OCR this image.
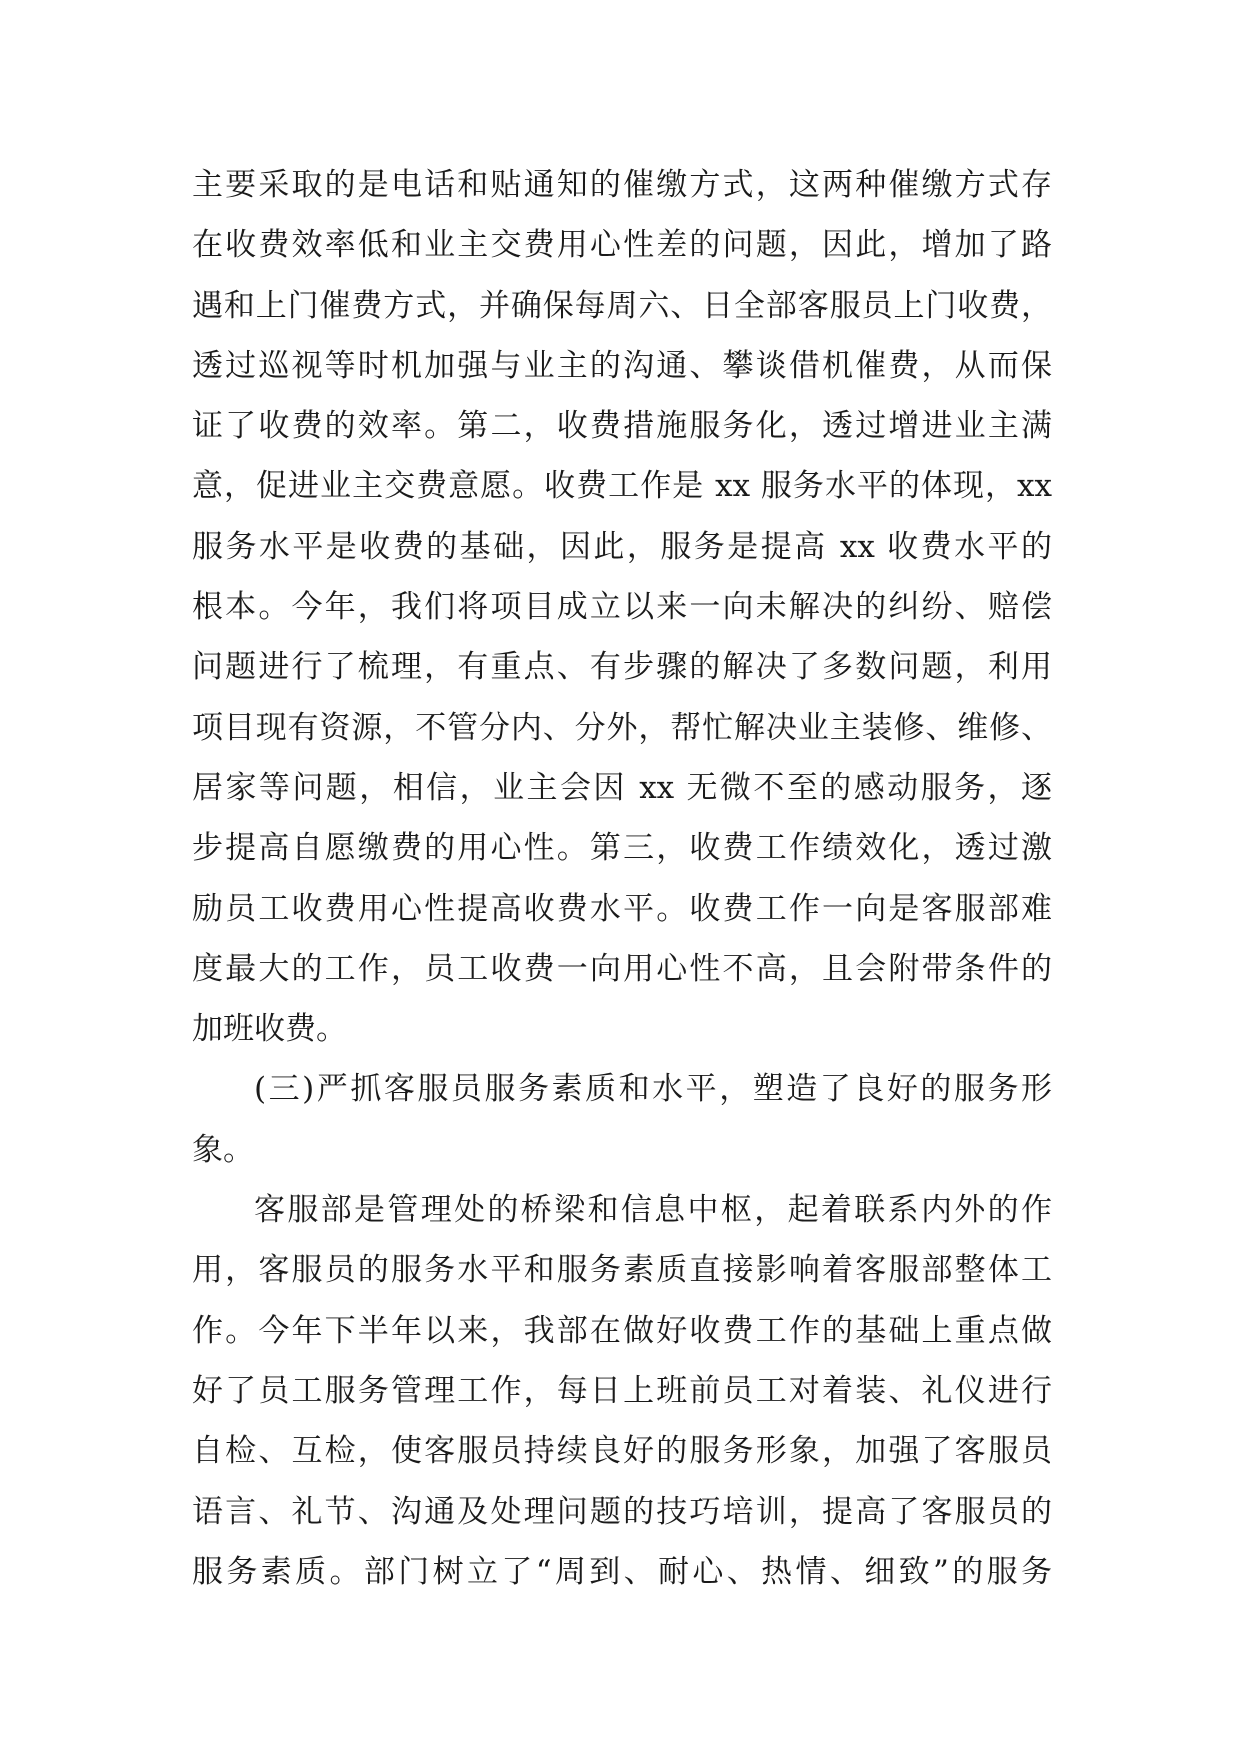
主要采取的是电话和贴通知的催缴方式，这两种催缴方式存
在收费效率低和业主交费用心性差的问题，因此，增加了路
遇和上门催费方式，并确保每周六、日全部客服员上门收费，
透过巡视等时机加强与业主的沟通、攀谈借机催费，从而保
证了收费的效率。第二，收费措施服务化，透过增进业主满
意，促进业主交费意愿。收费工作是 xx 服务水平的体现，xx
服务水平是收费的基础，因此，服务是提高 xx 收费水平的
根本。今年，我们将项目成立以来一向未解决的纠纷、赔偿
问题进行了梳理，有重点、有步骤的解决了多数问题，利用
项目现有资源，不管分内、分外，帮忙解决业主装修、维修、
居家等问题，相信，业主会因 xx 无微不至的感动服务，逐
步提高自愿缴费的用心性。第三，收费工作绩效化，透过激
励员工收费用心性提高收费水平。收费工作一向是客服部难
度最大的工作，员工收费一向用心性不高，且会附带条件的
加班收费。
(三)严抓客服员服务素质和水平，塑造了良好的服务形
象。
客服部是管理处的桥梁和信息中枢，起着联系内外的作
用，客服员的服务水平和服务素质直接影响着客服部整体工
作。今年下半年以来，我部在做好收费工作的基础上重点做
好了员工服务管理工作，每日上班前员工对着装、礼仪进行
自检、互检，使客服员持续良好的服务形象，加强了客服员
语言、礼节、沟通及处理问题的技巧培训，提高了客服员的
服务素质。部门树立了“周到、耐心、热情、细致”的服务
